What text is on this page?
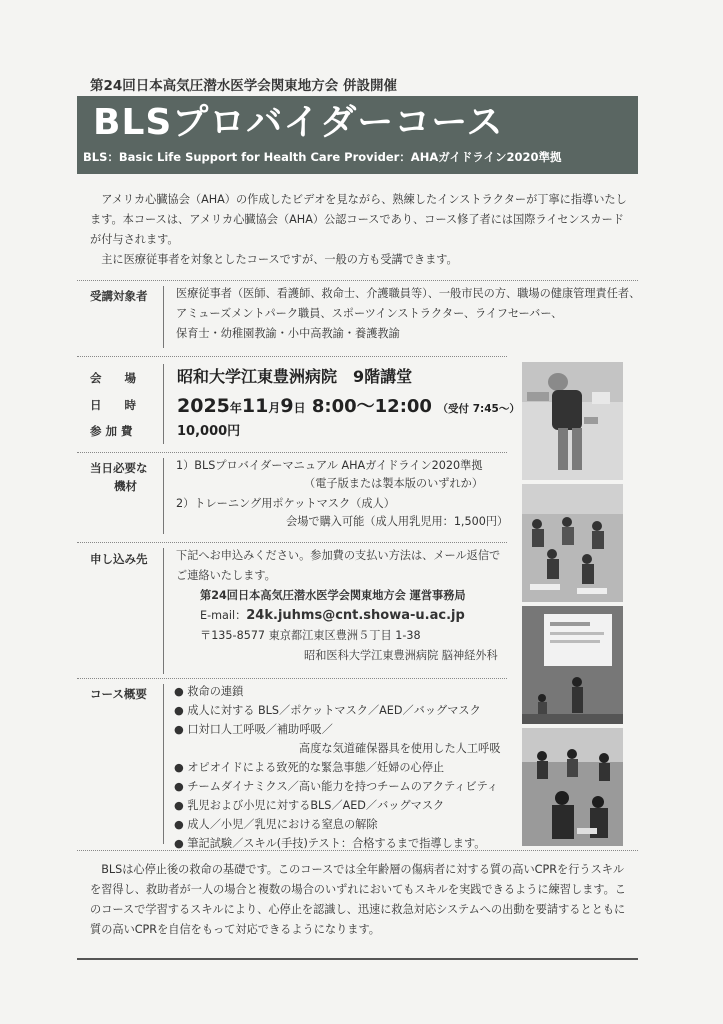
第24回日本高気圧潜水医学会関東地方会 併設開催
BLSプロバイダーコース
BLS：Basic Life Support for Health Care Provider：AHAガイドライン2020準拠

アメリカ心臓協会（AHA）の作成したビデオを見ながら、熟練したインストラクターが丁寧に指導いたします。本コースは、アメリカ心臓協会（AHA）公認コースであり、コース修了者には国際ライセンスカードが付与されます。

主に医療従事者を対象としたコースですが、一般の方も受講できます。

受講対象者	医療従事者（医師、看護師、救命士、介護職員等）、一般市民の方、職場の健康管理責任者、
アミューズメントパーク職員、スポーツインストラクター、ライフセーバー、
保育士・幼稚園教諭・小中高教諭・養護教諭
会　　場
日　　時
参 加 費
昭和大学江東豊洲病院　9階講堂
2025年11月9日 8:00～12:00 （受付 7:45～）
10,000円
当日必要な
機材
1）BLSプロバイダーマニュアル AHAガイドライン2020準拠
（電子版または製本版のいずれか）
2）トレーニング用ポケットマスク（成人）
会場で購入可能（成人用乳児用：1,500円）
申し込み先	下記へお申込みください。参加費の支払い方法は、メール返信で
ご連絡いたします。
第24回日本高気圧潜水医学会関東地方会 運営事務局
E-mail：24k.juhms@cnt.showa-u.ac.jp
〒135-8577 東京都江東区豊洲５丁目 1-38
昭和医科大学江東豊洲病院 脳神経外科
コース概要 ● 救命の連鎖
● 成人に対する BLS／ポケットマスク／AED／バッグマスク
● 口対口人工呼吸／補助呼吸／
高度な気道確保器具を使用した人工呼吸
● オピオイドによる致死的な緊急事態／妊婦の心停止
● チームダイナミクス／高い能力を持つチームのアクティビティ
● 乳児および小児に対するBLS／AED／バッグマスク
● 成人／小児／乳児における窒息の解除
● 筆記試験／スキル(手技)テスト：合格するまで指導します。

BLSは心停止後の救命の基礎です。このコースでは全年齢層の傷病者に対する質の高いCPRを行うスキルを習得し、救助者が一人の場合と複数の場合のいずれにおいてもスキルを実践できるように練習します。このコースで学習するスキルにより、心停止を認識し、迅速に救急対応システムへの出動を要請するとともに質の高いCPRを自信をもって対応できるようになります。
